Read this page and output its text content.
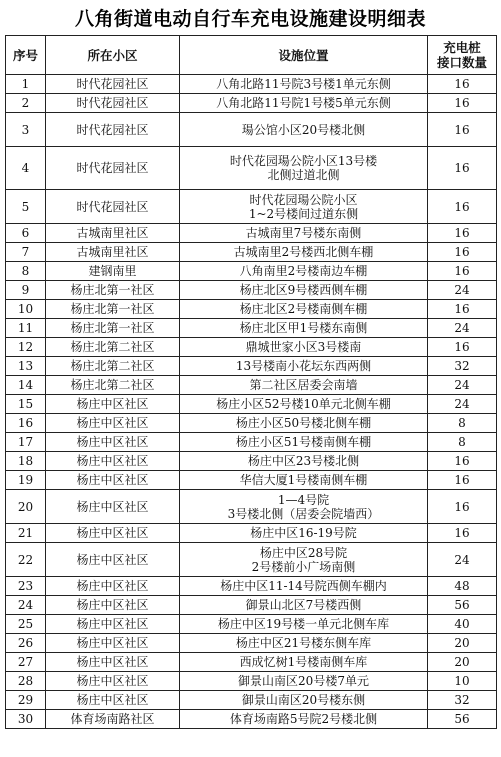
八角街道电动自行车充电设施建设明细表
序号	所在小区	设施位置	充电桩
接口数量
1	时代花园社区	八角北路11号院3号楼1单元东侧	16
2	时代花园社区	八角北路11号院1号楼5单元东侧	16
3	时代花园社区	瑒公馆小区20号楼北侧	16
4	时代花园社区	时代花园瑒公院小区13号楼
北侧过道北侧	16
5	时代花园社区	时代花园瑒公院小区
1~2号楼间过道东侧	16
6	古城南里社区	古城南里7号楼东南侧	16
7	古城南里社区	古城南里2号楼西北侧车棚	16
8	建钢南里	八角南里2号楼南边车棚	16
9	杨庄北第一社区	杨庄北区9号楼西侧车棚	24
10	杨庄北第一社区	杨庄北区2号楼南侧车棚	16
11	杨庄北第一社区	杨庄北区甲1号楼东南侧	24
12	杨庄北第二社区	鼎城世家小区3号楼南	16
13	杨庄北第二社区	13号楼南小花坛东西两侧	32
14	杨庄北第二社区	第二社区居委会南墙	24
15	杨庄中区社区	杨庄小区52号楼10单元北侧车棚	24
16	杨庄中区社区	杨庄小区50号楼北侧车棚	8
17	杨庄中区社区	杨庄小区51号楼南侧车棚	8
18	杨庄中区社区	杨庄中区23号楼北侧	16
19	杨庄中区社区	华信大厦1号楼南侧车棚	16
20	杨庄中区社区	1—4号院
3号楼北侧（居委会院墙西）	16
21	杨庄中区社区	杨庄中区16-19号院	16
22	杨庄中区社区	杨庄中区28号院
2号楼前小广场南侧	24
23	杨庄中区社区	杨庄中区11-14号院西侧车棚内	48
24	杨庄中区社区	御景山北区7号楼西侧	56
25	杨庄中区社区	杨庄中区19号楼一单元北侧车库	40
26	杨庄中区社区	杨庄中区21号楼东侧车库	20
27	杨庄中区社区	西成忆树1号楼南侧车库	20
28	杨庄中区社区	御景山南区20号楼7单元	10
29	杨庄中区社区	御景山南区20号楼东侧	32
30	体育场南路社区	体育场南路5号院2号楼北侧	56
